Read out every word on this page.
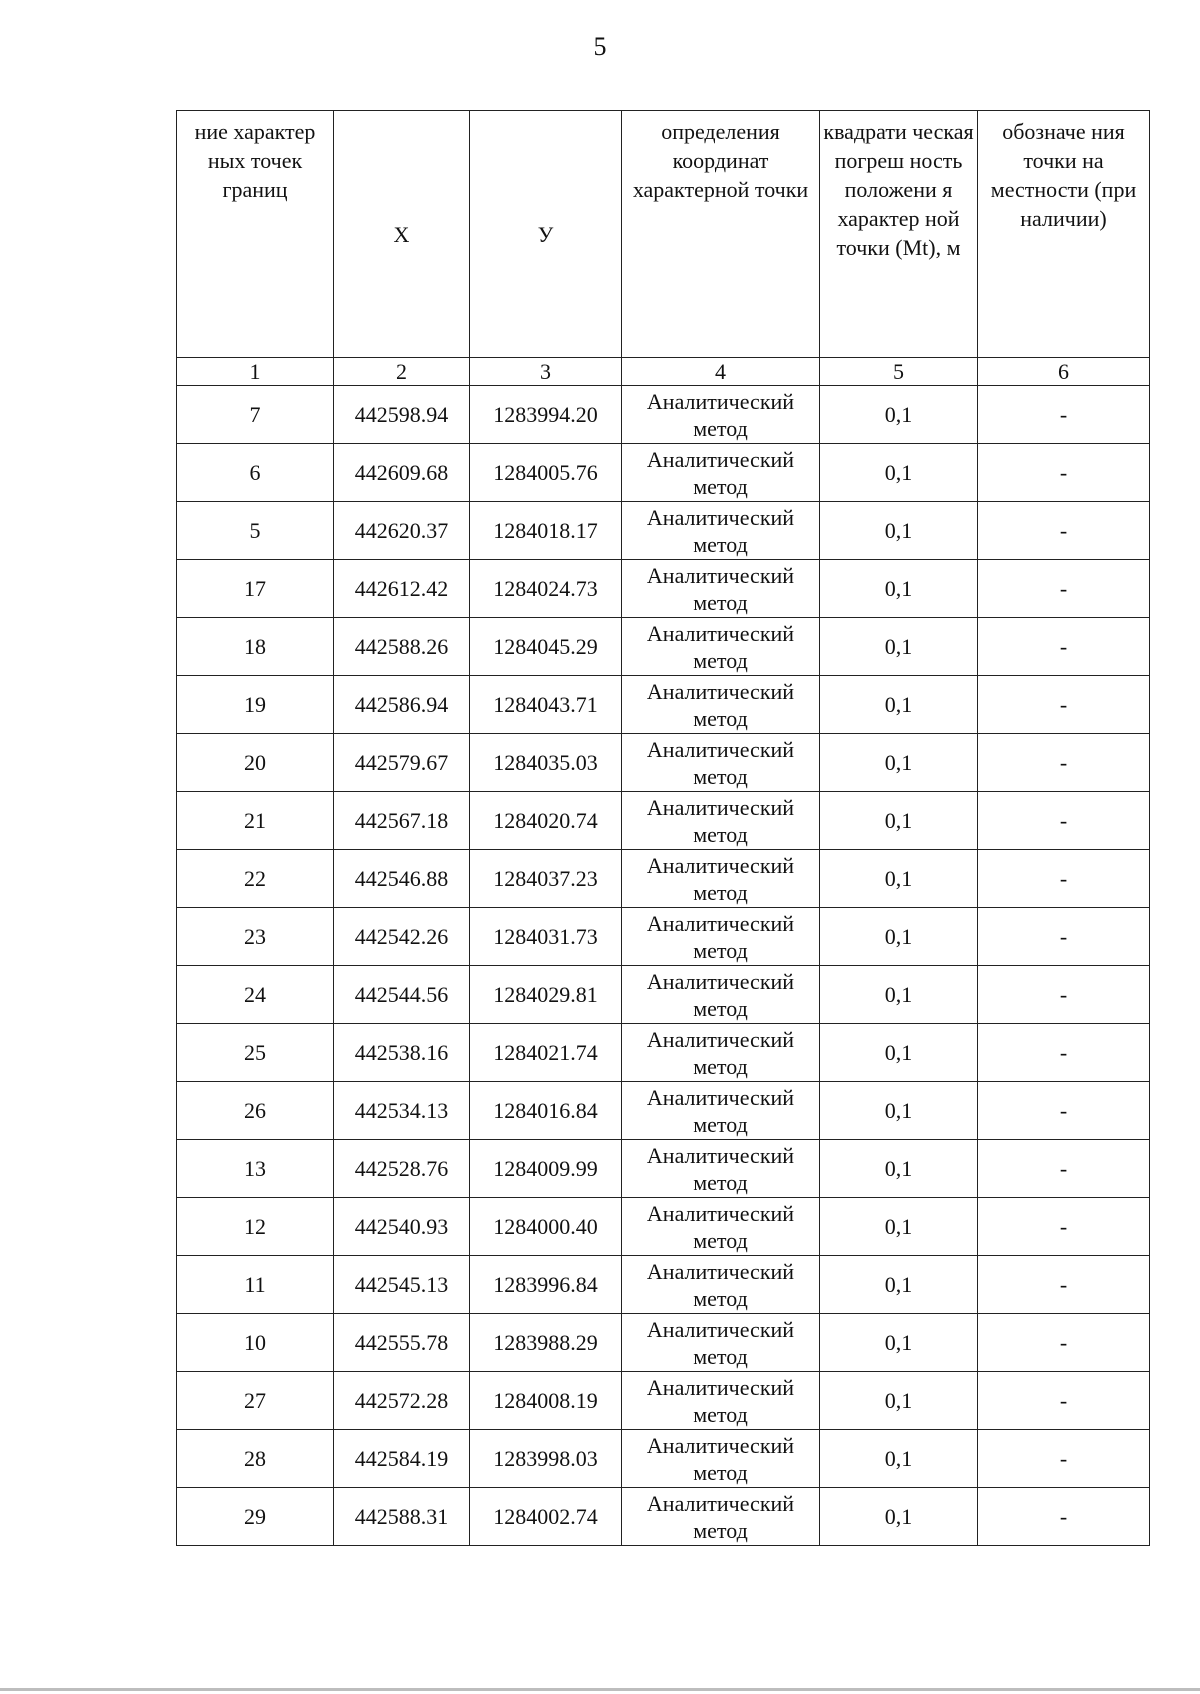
5
ние характер ных точек границ	X	У	определения координат характерной точки	квадрати ческая погреш ность положени я характер ной точки (Mt), м	обозначе ния точки на местности (при наличии)
1	2	3	4	5	6
7	442598.94	1283994.20	Аналитический метод	0,1	-
6	442609.68	1284005.76	Аналитический метод	0,1	-
5	442620.37	1284018.17	Аналитический метод	0,1	-
17	442612.42	1284024.73	Аналитический метод	0,1	-
18	442588.26	1284045.29	Аналитический метод	0,1	-
19	442586.94	1284043.71	Аналитический метод	0,1	-
20	442579.67	1284035.03	Аналитический метод	0,1	-
21	442567.18	1284020.74	Аналитический метод	0,1	-
22	442546.88	1284037.23	Аналитический метод	0,1	-
23	442542.26	1284031.73	Аналитический метод	0,1	-
24	442544.56	1284029.81	Аналитический метод	0,1	-
25	442538.16	1284021.74	Аналитический метод	0,1	-
26	442534.13	1284016.84	Аналитический метод	0,1	-
13	442528.76	1284009.99	Аналитический метод	0,1	-
12	442540.93	1284000.40	Аналитический метод	0,1	-
11	442545.13	1283996.84	Аналитический метод	0,1	-
10	442555.78	1283988.29	Аналитический метод	0,1	-
27	442572.28	1284008.19	Аналитический метод	0,1	-
28	442584.19	1283998.03	Аналитический метод	0,1	-
29	442588.31	1284002.74	Аналитический метод	0,1	-
